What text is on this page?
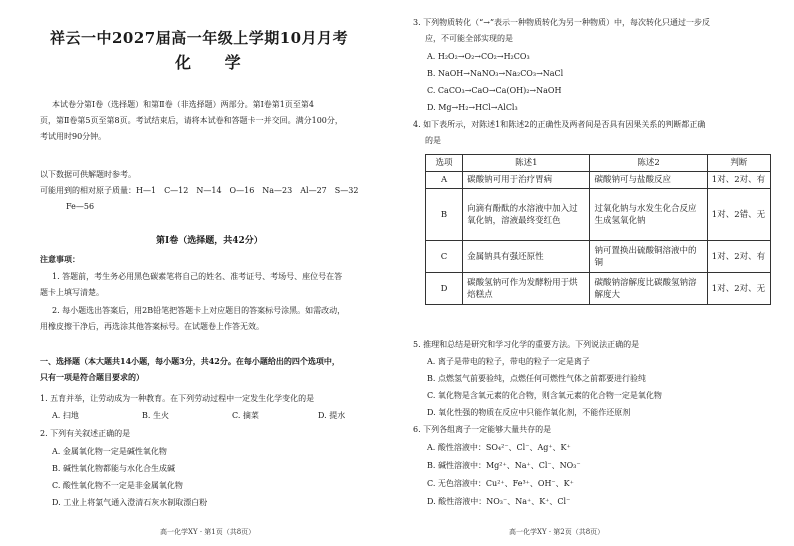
祥云一中2027届高一年级上学期10月月考
化 学
本试卷分第Ⅰ卷（选择题）和第Ⅱ卷（非选择题）两部分。第Ⅰ卷第1页至第4
页，第Ⅱ卷第5页至第8页。考试结束后，请将本试卷和答题卡一并交回。满分100分，
考试用时90分钟。
以下数据可供解题时参考。
可能用到的相对原子质量：H—1　C—12　N—14　O—16　Na—23　Al—27　S—32
Fe—56
第Ⅰ卷（选择题，共42分）
注意事项：
1. 答题前，考生务必用黑色碳素笔将自己的姓名、准考证号、考场号、座位号在答
题卡上填写清楚。
2. 每小题选出答案后，用2B铅笔把答题卡上对应题目的答案标号涂黑。如需改动，
用橡皮擦干净后，再选涂其他答案标号。在试题卷上作答无效。
一、选择题（本大题共14小题，每小题3分，共42分。在每小题给出的四个选项中，
只有一项是符合题目要求的）
1. 五育并举，让劳动成为一种教育。在下列劳动过程中一定发生化学变化的是
A. 扫地	B. 生火	C. 摘菜	D. 提水
2. 下列有关叙述正确的是
A. 金属氧化物一定是碱性氧化物
B. 碱性氧化物都能与水化合生成碱
C. 酸性氧化物不一定是非金属氧化物
D. 工业上将氯气通入澄清石灰水制取漂白粉
高一化学XY · 第1页（共8页）
3. 下列物质转化（“→”表示一种物质转化为另一种物质）中，每次转化只通过一步反
应，不可能全部实现的是
A. H₂O₂→O₂→CO₂→H₂CO₃
B. NaOH→NaNO₃→Na₂CO₃→NaCl
C. CaCO₃→CaO→Ca(OH)₂→NaOH
D. Mg→H₂→HCl→AlCl₃
4. 如下表所示，对陈述1和陈述2的正确性及两者间是否具有因果关系的判断都正确
的是
选项	陈述1	陈述2	判断
A	碳酸钠可用于治疗胃病	碳酸钠可与盐酸反应	1对、2对、有
B	向滴有酚酞的水溶液中加入过氧化钠，溶液最终变红色	过氧化钠与水发生化合反应生成氢氧化钠	1对、2错、无
C	金属钠具有强还原性	钠可置换出硫酸铜溶液中的铜	1对、2对、有
D	碳酸氢钠可作为发酵粉用于烘焙糕点	碳酸钠溶解度比碳酸氢钠溶解度大	1对、2对、无
5. 推理和总结是研究和学习化学的重要方法。下列说法正确的是
A. 离子是带电的粒子，带电的粒子一定是离子
B. 点燃氢气前要验纯，点燃任何可燃性气体之前都要进行验纯
C. 氧化物是含氧元素的化合物，则含氧元素的化合物一定是氧化物
D. 氧化性强的物质在反应中只能作氧化剂，不能作还原剂
6. 下列各组离子一定能够大量共存的是
A. 酸性溶液中：SO₄²⁻、Cl⁻、Ag⁺、K⁺
B. 碱性溶液中：Mg²⁺、Na⁺、Cl⁻、NO₃⁻
C. 无色溶液中：Cu²⁺、Fe³⁺、OH⁻、K⁺
D. 酸性溶液中：NO₃⁻、Na⁺、K⁺、Cl⁻
高一化学XY · 第2页（共8页）
